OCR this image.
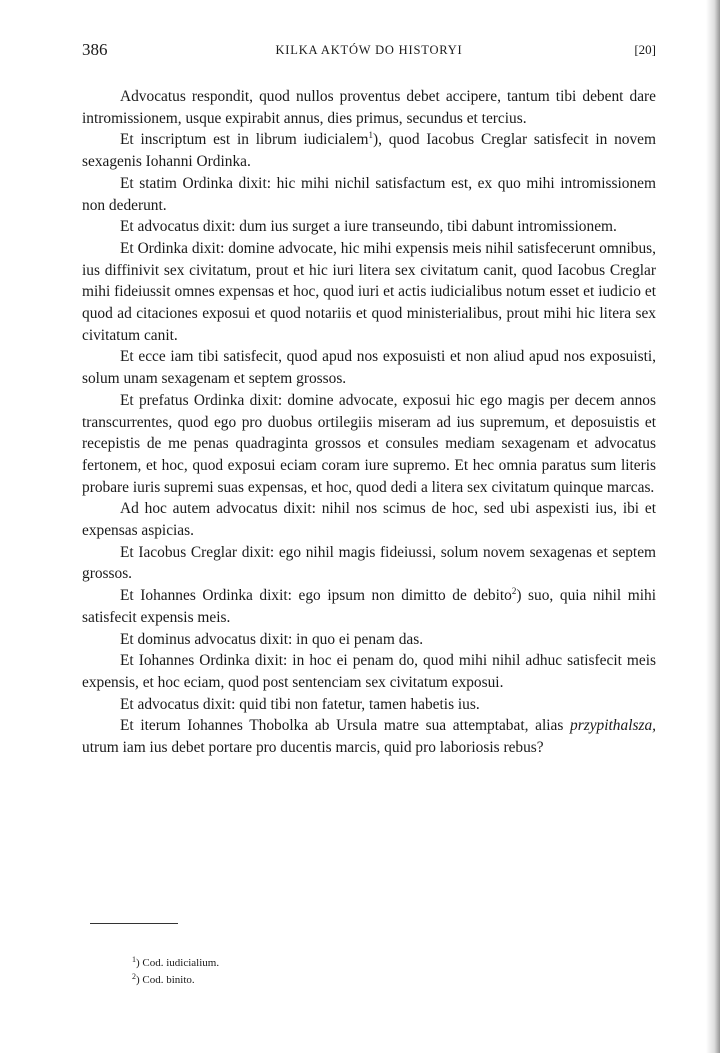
386	KILKA AKTÓW DO HISTORYI	[20]

Advocatus respondit, quod nullos proventus debet accipere, tantum tibi debent dare intromissionem, usque expirabit annus, dies primus, secundus et tercius.

Et inscriptum est in librum iudicialem$^1$), quod Iacobus Creglar satisfecit in novem sexagenis Iohanni Ordinka.

Et statim Ordinka dixit: hic mihi nichil satisfactum est, ex quo mihi intromissionem non dederunt.

Et advocatus dixit: dum ius surget a iure transeundo, tibi dabunt intromissionem.

Et Ordinka dixit: domine advocate, hic mihi expensis meis nihil satisfecerunt omnibus, ius diffinivit sex civitatum, prout et hic iuri litera sex civitatum canit, quod Iacobus Creglar mihi fideiussit omnes expensas et hoc, quod iuri et actis iudicialibus notum esset et iudicio et quod ad citaciones exposui et quod notariis et quod ministerialibus, prout mihi hic litera sex civitatum canit.

Et ecce iam tibi satisfecit, quod apud nos exposuisti et non aliud apud nos exposuisti, solum unam sexagenam et septem grossos.

Et prefatus Ordinka dixit: domine advocate, exposui hic ego magis per decem annos transcurrentes, quod ego pro duobus ortilegiis miseram ad ius supremum, et deposuistis et recepistis de me penas quadraginta grossos et consules mediam sexagenam et advocatus fertonem, et hoc, quod exposui eciam coram iure supremo. Et hec omnia paratus sum literis probare iuris supremi suas expensas, et hoc, quod dedi a litera sex civitatum quinque marcas.

Ad hoc autem advocatus dixit: nihil nos scimus de hoc, sed ubi aspexisti ius, ibi et expensas aspicias.

Et Iacobus Creglar dixit: ego nihil magis fideiussi, solum novem sexagenas et septem grossos.

Et Iohannes Ordinka dixit: ego ipsum non dimitto de debito$^2$) suo, quia nihil mihi satisfecit expensis meis.

Et dominus advocatus dixit: in quo ei penam das.

Et Iohannes Ordinka dixit: in hoc ei penam do, quod mihi nihil adhuc satisfecit meis expensis, et hoc eciam, quod post sentenciam sex civitatum exposui.

Et advocatus dixit: quid tibi non fatetur, tamen habetis ius.

Et iterum Iohannes Thobolka ab Ursula matre sua attemptabat, alias przypithalsza, utrum iam ius debet portare pro ducentis marcis, quid pro laboriosis rebus?

$^1$) Cod. iudicialium.

$^2$) Cod. binito.
